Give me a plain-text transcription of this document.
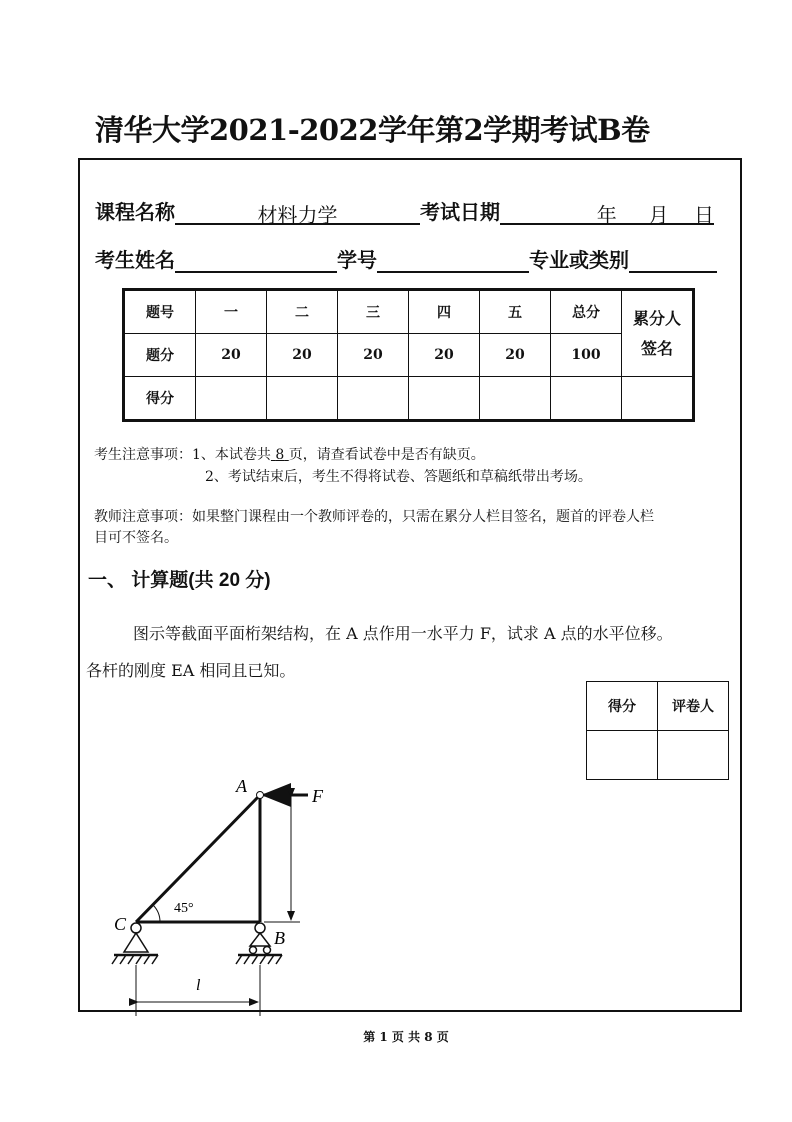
清华大学2021-2022学年第2学期考试B卷
课程名称	材料力学	考试日期	年 月 日
考生姓名	学号	专业或类别
题号	一	二	三	四	五	总分	累分人
签名
题分	20	20	20	20	20	100	
得分							
考生注意事项：1、本试卷共 8 页，请查看试卷中是否有缺页。
2、考试结束后，考生不得将试卷、答题纸和草稿纸带出考场。
教师注意事项：如果整门课程由一个教师评卷的，只需在累分人栏目签名，题首的评卷人栏
目可不签名。
一、 计算题(共 20 分)
图示等截面平面桁架结构，在 A 点作用一水平力 F，试求 A 点的水平位移。
各杆的刚度 EA 相同且已知。
得分	评卷人

A	F
C
B
45°
l
第 1 页 共 8 页
